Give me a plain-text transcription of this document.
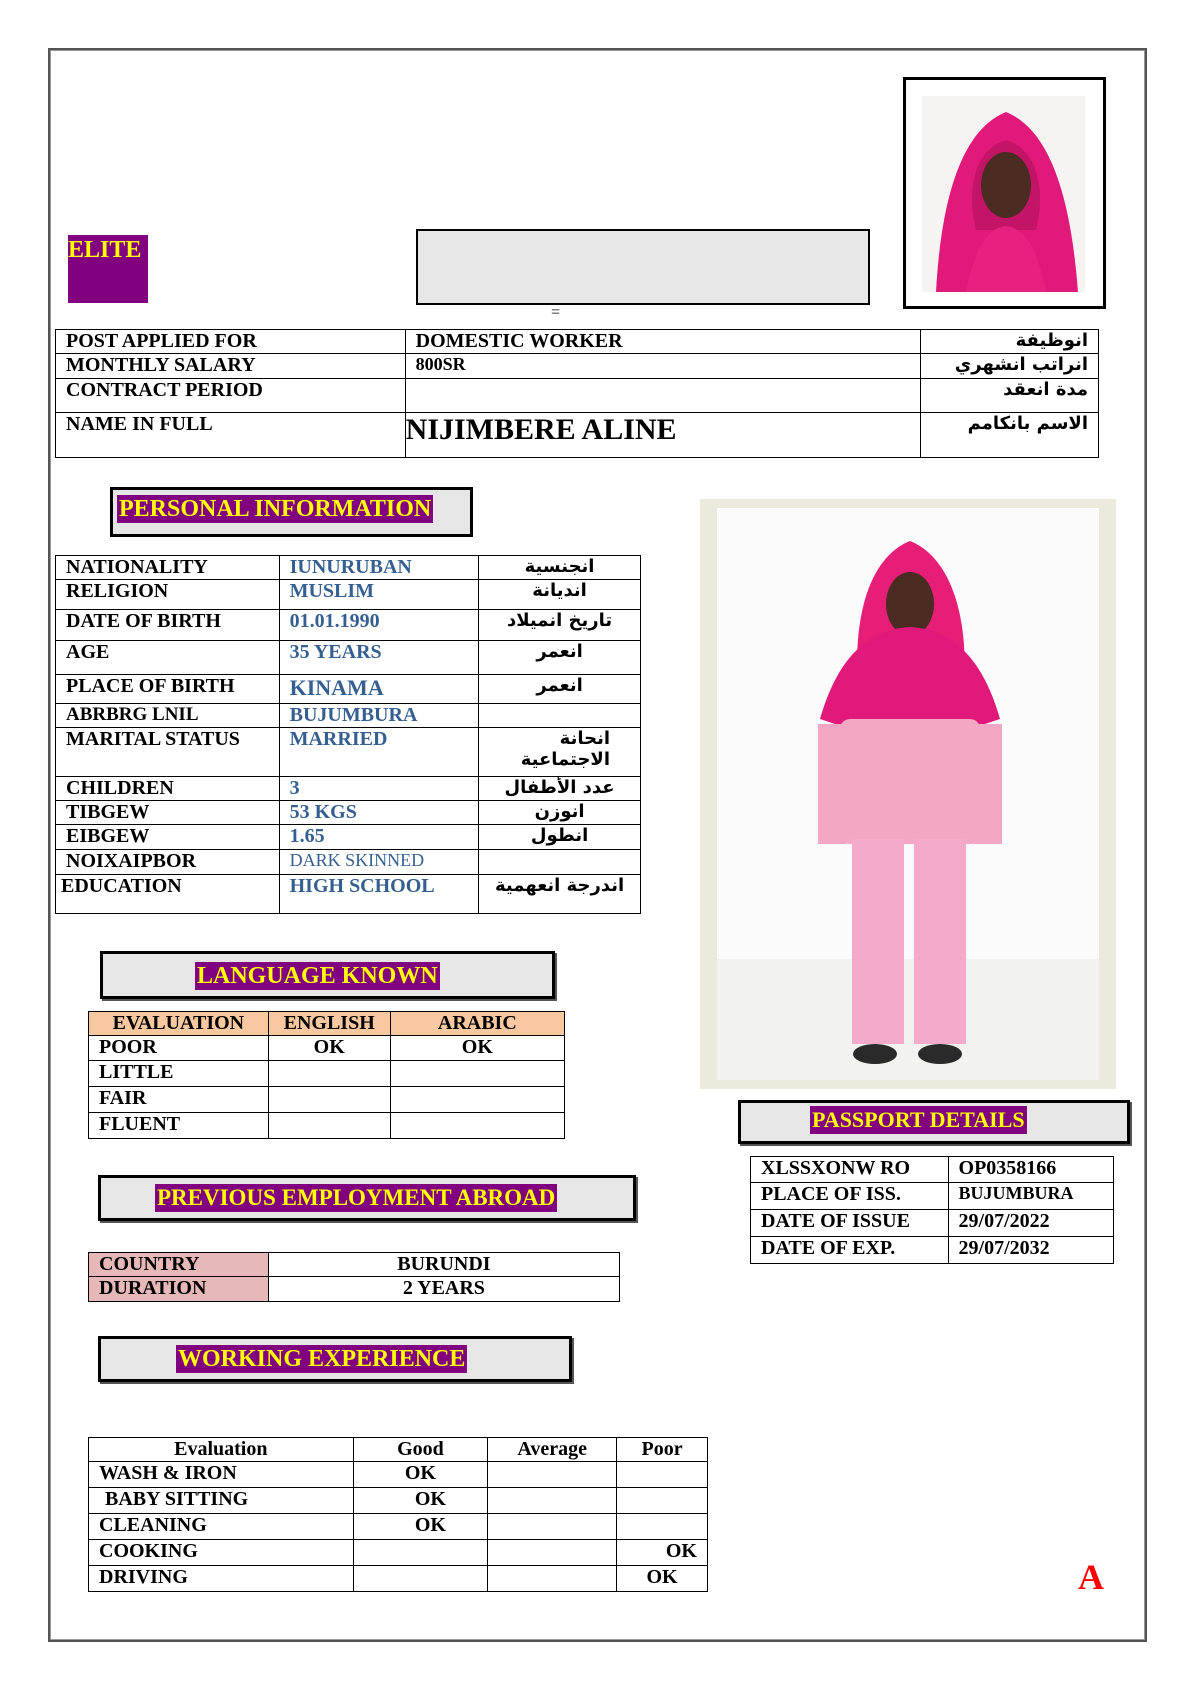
ELITE
=
POST APPLIED FOR	DOMESTIC WORKER	انوظيفة
MONTHLY SALARY	800SR	انراتب انشهري
CONTRACT PERIOD		مدة انعقد
NAME IN FULL	NIJIMBERE ALINE	الاسم بانكامم
PERSONAL INFORMATION
NATIONALITY	IUNURUBAN	انجنسية
RELIGION	MUSLIM	انديانة
DATE OF BIRTH	01.01.1990	تاريخ انميلاد
AGE	35 YEARS	انعمر
PLACE OF BIRTH	KINAMA	انعمر
ABRBRG LNIL	BUJUMBURA	
MARITAL STATUS	MARRIED	انحانة الاجتماعية
CHILDREN	3	عدد الأطفال
TIBGEW	53 KGS	انوزن
EIBGEW	1.65	انطول
NOIXAIPBOR	DARK SKINNED	
EDUCATION	HIGH SCHOOL	اندرجة انعهمية
LANGUAGE KNOWN
EVALUATION	ENGLISH	ARABIC
POOR	OK	OK
LITTLE		
FAIR		
FLUENT			PASSPORT DETAILS
XLSSXONW RO	OP0358166
PLACE OF ISS.	BUJUMBURA
DATE OF ISSUE	29/07/2022
DATE OF EXP.	29/07/2032
PREVIOUS EMPLOYMENT ABROAD
COUNTRY	BURUNDI
DURATION	2 YEARS
WORKING EXPERIENCE
Evaluation	Good	Average	Poor
WASH & IRON	OK		
BABY SITTING	OK		
CLEANING	OK		
COOKING			OK
DRIVING			OK	A
